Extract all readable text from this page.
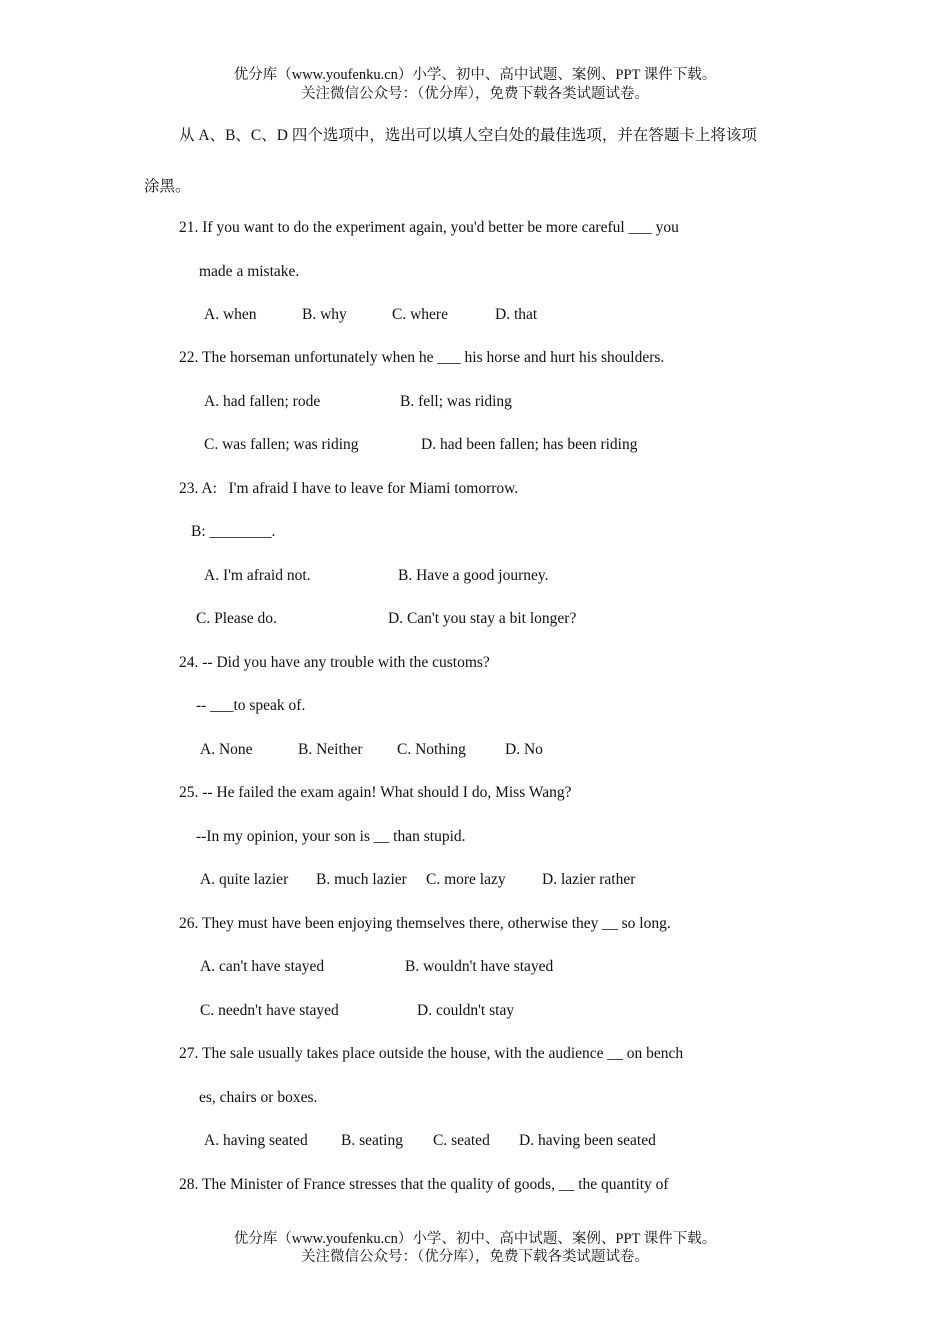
优分库（www.youfenku.cn）小学、初中、高中试题、案例、PPT 课件下载。
关注微信公众号：（优分库），免费下载各类试题试卷。
从 A、B、C、D 四个选项中，选出可以填人空白处的最佳选项，并在答题卡上将该项
涂黑。
21. If you want to do the experiment again, you'd better be more careful ___ you
made a mistake.
A. when	B. why	C. where	D. that
22. The horseman unfortunately when he ___ his horse and hurt his shoulders.
A. had fallen; rode	B. fell; was riding
C. was fallen; was riding	D. had been fallen; has been riding
23. A:   I'm afraid I have to leave for Miami tomorrow.
B: ________.
A. I'm afraid not.	B. Have a good journey.
C. Please do.	D. Can't you stay a bit longer?
24. -- Did you have any trouble with the customs?
-- ___to speak of.
A. None	B. Neither C. Nothing	D. No
25. -- He failed the exam again! What should I do, Miss Wang?
--In my opinion, your son is __ than stupid.
A. quite lazier B. much lazier C. more lazy D. lazier rather
26. They must have been enjoying themselves there, otherwise they __ so long.
A. can't have stayed	B. wouldn't have stayed
C. needn't have stayed	D. couldn't stay
27. The sale usually takes place outside the house, with the audience __ on bench
es, chairs or boxes.
A. having seated B. seating C. seated D. having been seated
28. The Minister of France stresses that the quality of goods, __ the quantity of
优分库（www.youfenku.cn）小学、初中、高中试题、案例、PPT 课件下载。
关注微信公众号：（优分库），免费下载各类试题试卷。
